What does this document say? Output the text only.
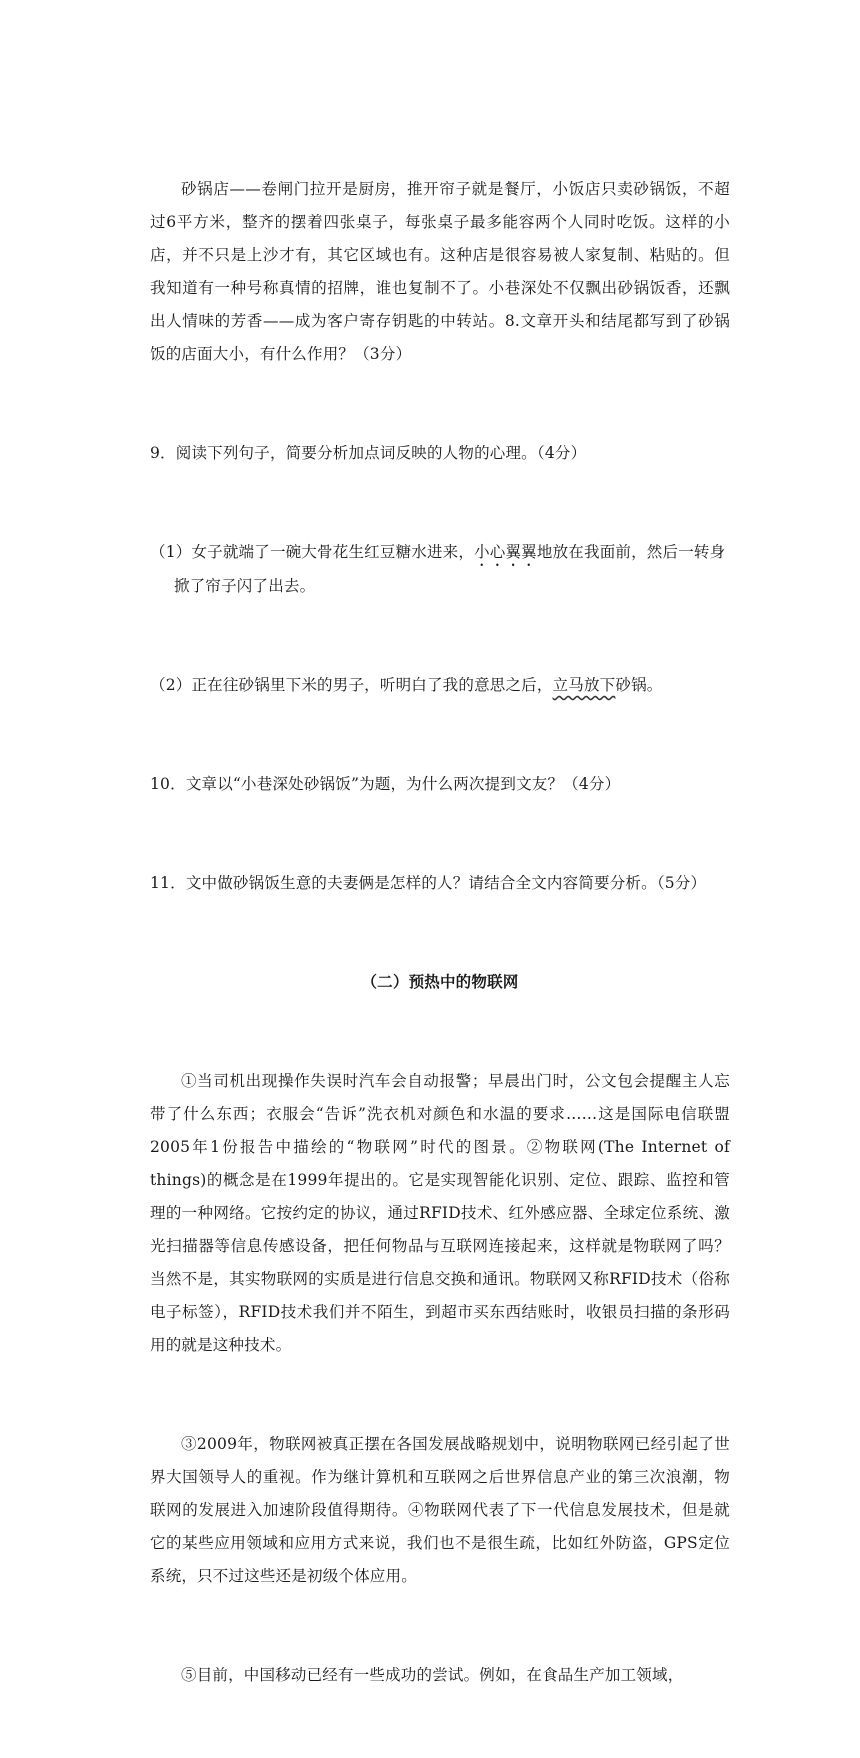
砂锅店——卷闸门拉开是厨房，推开帘子就是餐厅，小饭店只卖砂锅饭，不超过6平方米，整齐的摆着四张桌子，每张桌子最多能容两个人同时吃饭。这样的小店，并不只是上沙才有，其它区域也有。这种店是很容易被人家复制、粘贴的。但我知道有一种号称真情的招牌，谁也复制不了。小巷深处不仅飘出砂锅饭香，还飘出人情味的芳香——成为客户寄存钥匙的中转站。8.文章开头和结尾都写到了砂锅饭的店面大小，有什么作用？（3分）

9．阅读下列句子，简要分析加点词反映的人物的心理。（4分）

（1）女子就端了一碗大骨花生红豆糖水进来，小心翼翼地放在我面前，然后一转身掀了帘子闪了出去。

（2）正在往砂锅里下米的男子，听明白了我的意思之后，立马放下砂锅。

10．文章以“小巷深处砂锅饭”为题，为什么两次提到文友？（4分）

11．文中做砂锅饭生意的夫妻俩是怎样的人？请结合全文内容简要分析。（5分）

（二）预热中的物联网

①当司机出现操作失误时汽车会自动报警；早晨出门时，公文包会提醒主人忘带了什么东西；衣服会“告诉”洗衣机对颜色和水温的要求……这是国际电信联盟2005年1份报告中描绘的“物联网”时代的图景。②物联网(The Internet of things)的概念是在1999年提出的。它是实现智能化识别、定位、跟踪、监控和管理的一种网络。它按约定的协议，通过RFID技术、红外感应器、全球定位系统、激光扫描器等信息传感设备，把任何物品与互联网连接起来，这样就是物联网了吗？当然不是，其实物联网的实质是进行信息交换和通讯。物联网又称RFID技术（俗称电子标签），RFID技术我们并不陌生，到超市买东西结账时，收银员扫描的条形码用的就是这种技术。

③2009年，物联网被真正摆在各国发展战略规划中，说明物联网已经引起了世界大国领导人的重视。作为继计算机和互联网之后世界信息产业的第三次浪潮，物联网的发展进入加速阶段值得期待。④物联网代表了下一代信息发展技术，但是就它的某些应用领域和应用方式来说，我们也不是很生疏，比如红外防盗，GPS定位系统，只不过这些还是初级个体应用。

⑤目前，中国移动已经有一些成功的尝试。例如，在食品生产加工领域，
